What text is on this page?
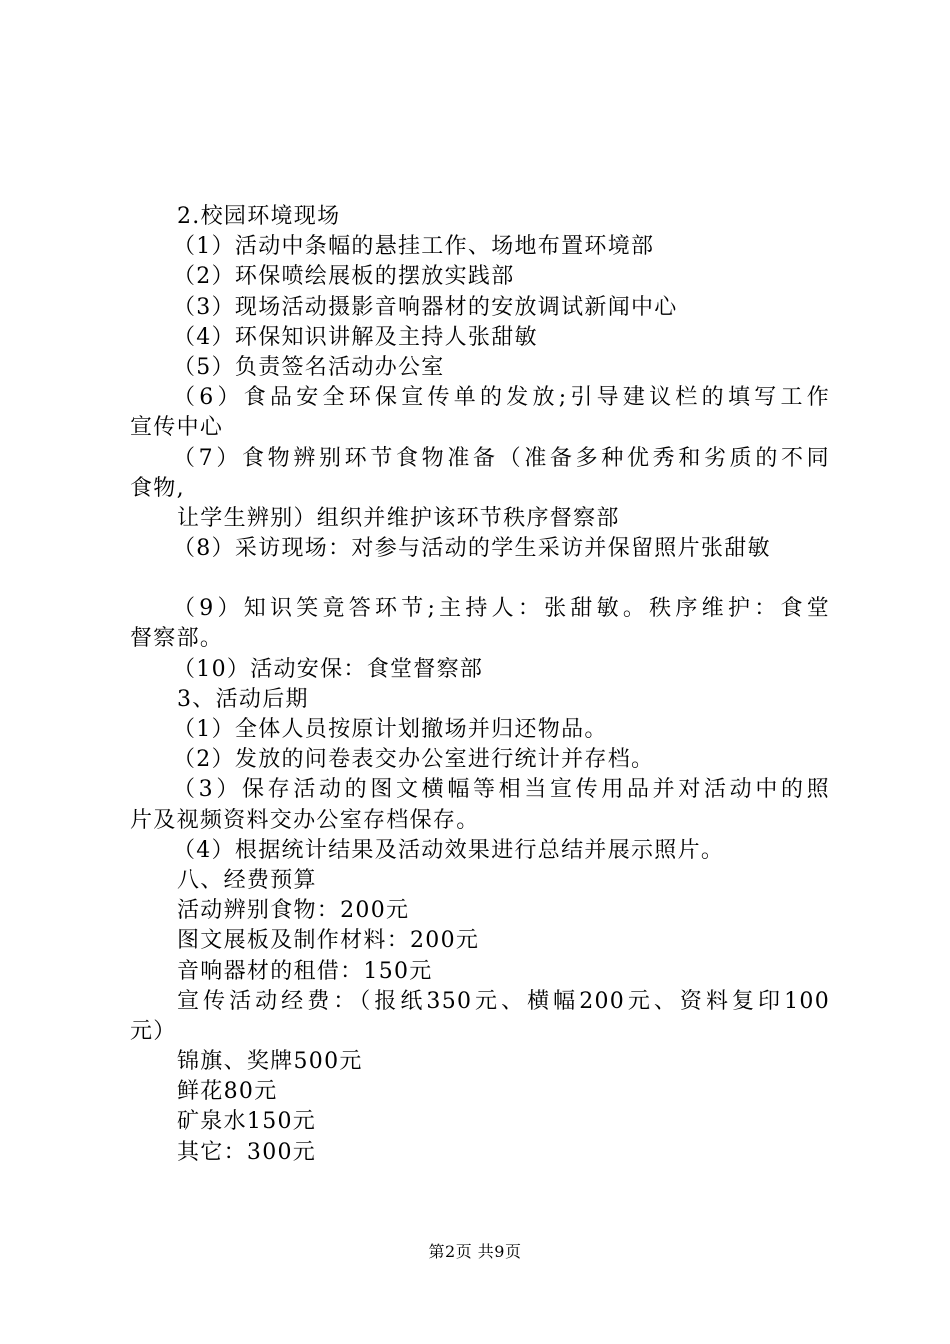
2.校园环境现场
（1）活动中条幅的悬挂工作、场地布置环境部
（2）环保喷绘展板的摆放实践部
（3）现场活动摄影音响器材的安放调试新闻中心
（4）环保知识讲解及主持人张甜敏
（5）负责签名活动办公室
（6）食品安全环保宣传单的发放;引导建议栏的填写工作
宣传中心
（7）食物辨别环节食物准备（准备多种优秀和劣质的不同
食物,
让学生辨别）组织并维护该环节秩序督察部
（8）采访现场：对参与活动的学生采访并保留照片张甜敏
（9）知识笑竟答环节;主持人：张甜敏。秩序维护：食堂
督察部。
（10）活动安保：食堂督察部
3、活动后期
（1）全体人员按原计划撤场并归还物品。
（2）发放的问卷表交办公室进行统计并存档。
（3）保存活动的图文横幅等相当宣传用品并对活动中的照
片及视频资料交办公室存档保存。
（4）根据统计结果及活动效果进行总结并展示照片。
八、经费预算
活动辨别食物：200元
图文展板及制作材料：200元
音响器材的租借：150元
宣传活动经费：（报纸350元、横幅200元、资料复印100
元）
锦旗、奖牌500元
鲜花80元
矿泉水150元
其它：300元
第2页 共9页
